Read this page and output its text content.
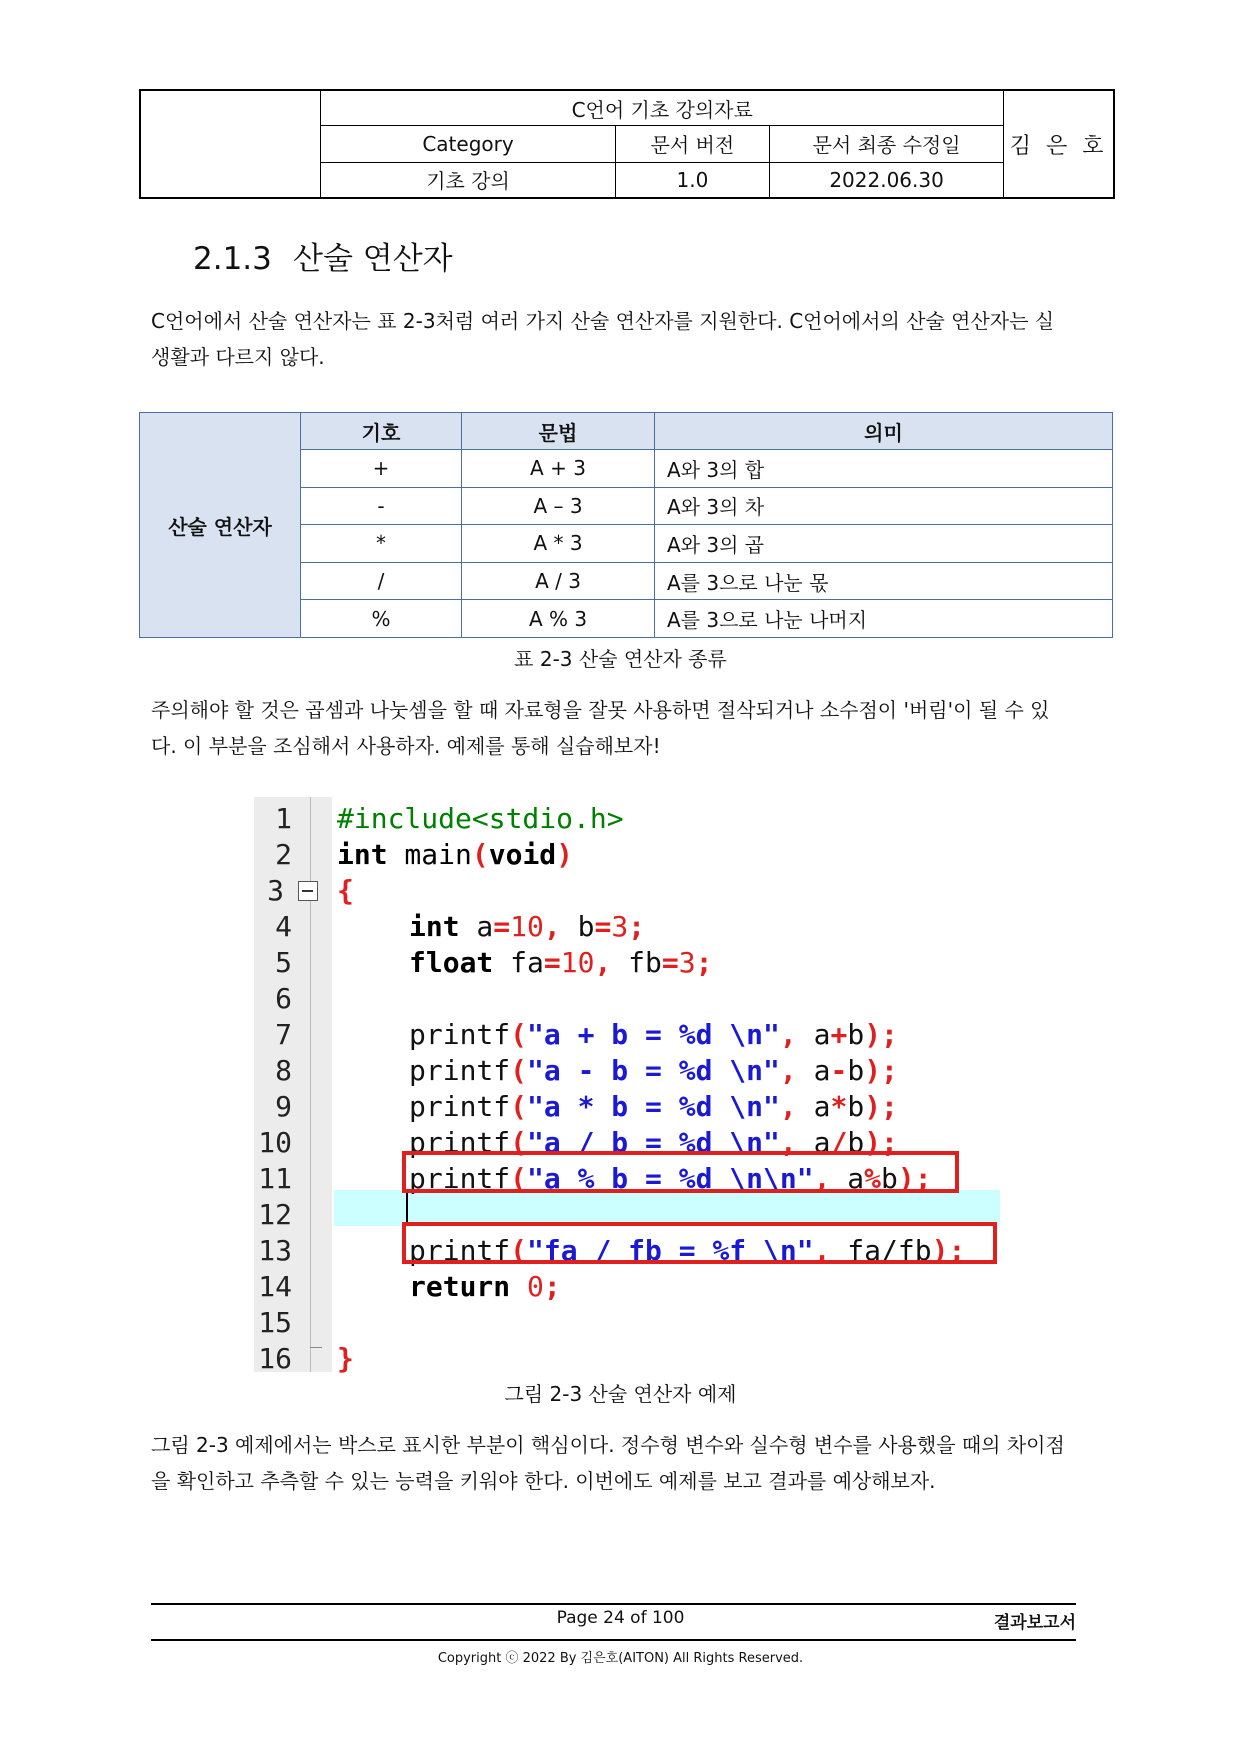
	C언어 기초 강의자료			김 은 호
	Category	문서 버전	문서 최종 수정일	
	기초 강의	1.0	2022.06.30	
2.1.3 산술 연산자

C언어에서 산술 연산자는 표 2-3처럼 여러 가지 산술 연산자를 지원한다. C언어에서의 산술 연산자는 실생활과 다르지 않다.

산술 연산자	기호	문법	의미
	+	A + 3	A와 3의 합
	-	A – 3	A와 3의 차
	*	A * 3	A와 3의 곱
	/	A / 3	A를 3으로 나눈 몫
	%	A % 3	A를 3으로 나눈 나머지

표 2-3 산술 연산자 종류

주의해야 할 것은 곱셈과 나눗셈을 할 때 자료형을 잘못 사용하면 절삭되거나 소수점이 '버림'이 될 수 있다. 이 부분을 조심해서 사용하자. 예제를 통해 실습해보자!

1 #include<stdio.h>
2 int main(void)
3 {
4	int a=10, b=3;
5	float fa=10, fb=3;
6
7	printf("a + b = %d \n", a+b);
8	printf("a - b = %d \n", a-b);
9	printf("a * b = %d \n", a*b);
10	printf("a / b = %d \n", a/b);
11	printf("a % b = %d \n\n", a%b);
12
13	printf("fa / fb = %f \n", fa/fb);
14	return 0;
15
16 }

그림 2-3 산술 연산자 예제

그림 2-3 예제에서는 박스로 표시한 부분이 핵심이다. 정수형 변수와 실수형 변수를 사용했을 때의 차이점을 확인하고 추측할 수 있는 능력을 키워야 한다. 이번에도 예제를 보고 결과를 예상해보자.

Page 24 of 100	결과보고서
Copyright ⓒ 2022 By 김은호(AITON) All Rights Reserved.
